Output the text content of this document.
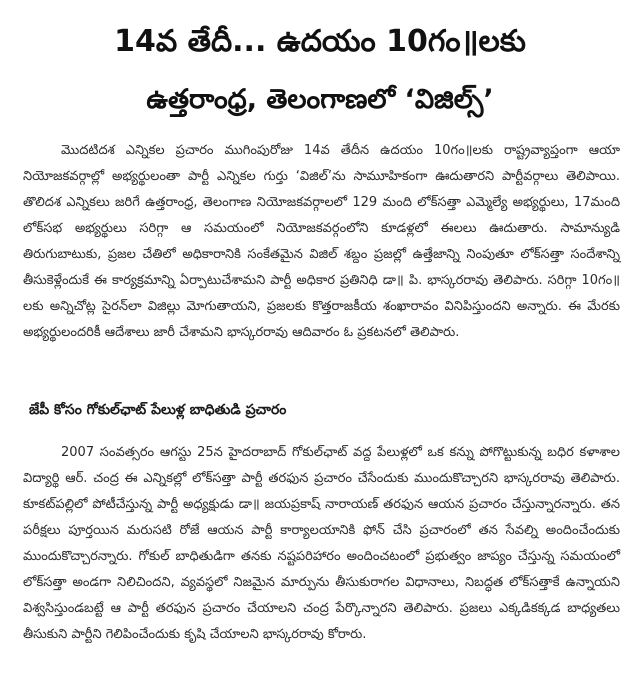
14వ తేదీ... ఉదయం 10గం॥లకు
ఉత్తరాంధ్ర, తెలంగాణలో ‘విజిల్స్’

మొదటిదశ ఎన్నికల ప్రచారం ముగింపురోజు 14వ తేదీన ఉదయం 10గం॥లకు రాష్ట్రవ్యాప్తంగా ఆయా నియోజకవర్గాల్లో అభ్యర్థులంతా పార్టీ ఎన్నికల గుర్తు ‘విజిల్’ను సామూహికంగా ఊదుతారని పార్టీవర్గాలు తెలిపాయి. తొలిదశ ఎన్నికలు జరిగే ఉత్తరాంధ్ర, తెలంగాణ నియోజకవర్గాలలో 129 మంది లోక్‌సత్తా ఎమ్మెల్యే అభ్యర్థులు, 17మంది లోక్‌సభ అభ్యర్థులు సరిగ్గా ఆ సమయంలో నియోజకవర్గంలోని కూడళ్లలో ఈలలు ఊదుతారు. సామాన్యుడి తిరుగుబాటుకు, ప్రజల చేతిలో అధికారానికి సంకేతమైన విజిల్ శబ్దం ప్రజల్లో ఉత్తేజాన్ని నింపుతూ లోక్‌సత్తా సందేశాన్ని తీసుకెళ్లేందుకే ఈ కార్యక్రమాన్ని ఏర్పాటుచేశామని పార్టీ అధికార ప్రతినిధి డా॥ పి. భాస్కరరావు తెలిపారు. సరిగ్గా 10గం॥లకు అన్నిచోట్ల సైరన్‌లా విజిల్లు మోగుతాయని, ప్రజలకు కొత్తరాజకీయ శంఖారావం వినిపిస్తుందని అన్నారు. ఈ మేరకు అభ్యర్థులందరికీ ఆదేశాలు జారీ చేశామని భాస్కరరావు ఆదివారం ఓ ప్రకటనలో తెలిపారు.

జేపీ కోసం గోకుల్‌ఛాట్ పేలుళ్ల బాధితుడి ప్రచారం

2007 సంవత్సరం ఆగస్టు 25న హైదరాబాద్ గోకుల్‌ఛాట్ వద్ద పేలుళ్లలో ఒక కన్ను పోగొట్టుకున్న బధిర కళాశాల విద్యార్థి ఆర్. చంద్ర ఈ ఎన్నికల్లో లోక్‌సత్తా పార్టీ తరఫున ప్రచారం చేసేందుకు ముందుకొచ్చారని భాస్కరరావు తెలిపారు. కూకట్‌పల్లిలో పోటీచేస్తున్న పార్టీ అధ్యక్షుడు డా॥ జయప్రకాష్ నారాయణ్ తరఫున ఆయన ప్రచారం చేస్తున్నారన్నారు. తన పరీక్షలు పూర్తయిన మరుసటి రోజే ఆయన పార్టీ కార్యాలయానికి ఫోన్ చేసి ప్రచారంలో తన సేవల్ని అందించేందుకు ముందుకొచ్చారన్నారు. గోకుల్ బాధితుడిగా తనకు నష్టపరిహారం అందించటంలో ప్రభుత్వం జాప్యం చేస్తున్న సమయంలో లోక్‌సత్తా అండగా నిలిచిందని, వ్యవస్థలో నిజమైన మార్పును తీసుకురాగల విధానాలు, నిబద్ధత లోక్‌సత్తాకే ఉన్నాయని విశ్వసిస్తుండబట్టే ఆ పార్టీ తరఫున ప్రచారం చేయాలని చంద్ర పేర్కొన్నారని తెలిపారు. ప్రజలు ఎక్కడికక్కడ బాధ్యతలు తీసుకుని పార్టీని గెలిపించేందుకు కృషి చేయాలని భాస్కరరావు కోరారు.
